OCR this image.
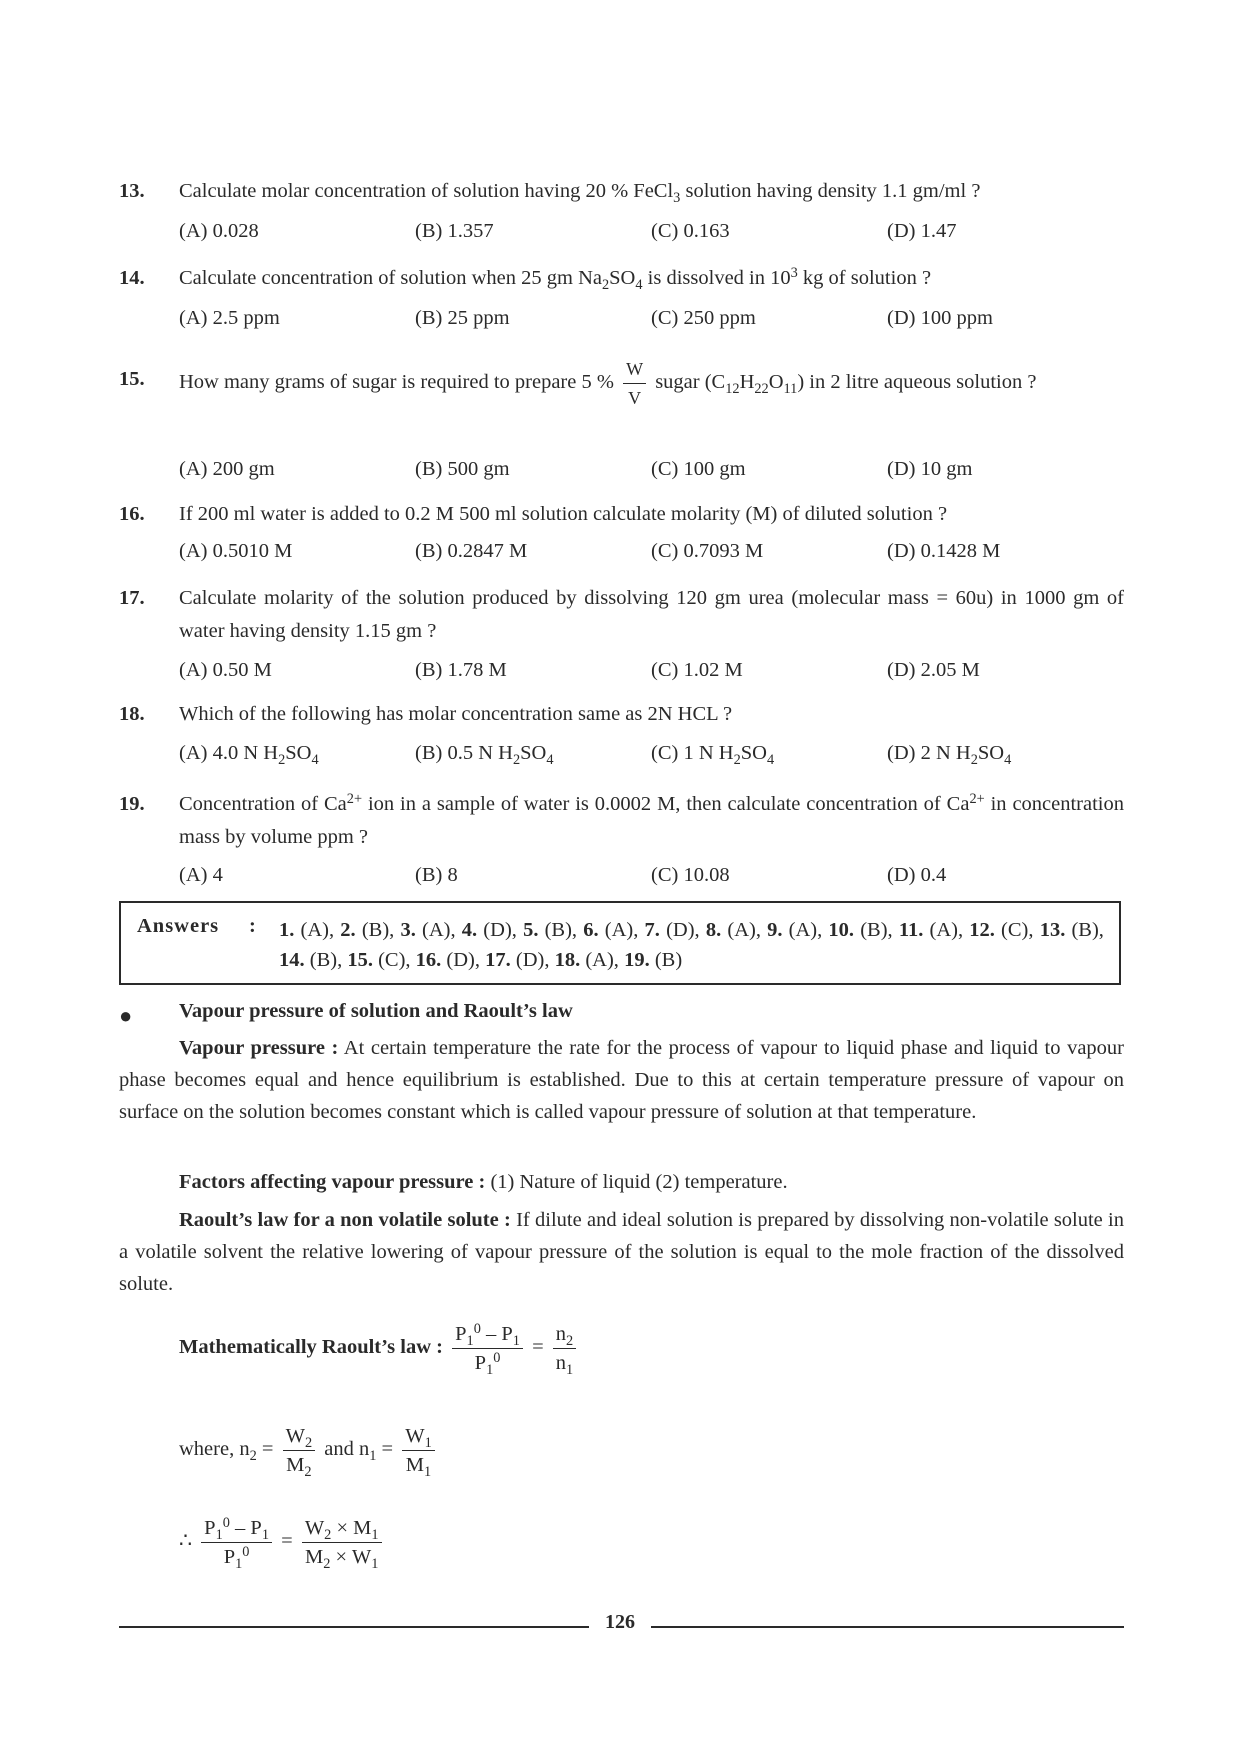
13. Calculate molar concentration of solution having 20 % FeCl$_3$ solution having density 1.1 gm/ml ?
(A) 0.028	(B) 1.357	(C) 0.163	(D) 1.47
14. Calculate concentration of solution when 25 gm $Na_2SO_4$ is dissolved in $10^3$ kg of solution ?
(A) 2.5 ppm	(B) 25 ppm	(C) 250 ppm	(D) 100 ppm
15. How many grams of sugar is required to prepare 5 % $\frac{W}{V}$ sugar $(C_{12}H_{22}O_{11})$ in 2 litre aqueous solution ?
(A) 200 gm	(B) 500 gm	(C) 100 gm	(D) 10 gm
16. If 200 ml water is added to 0.2 M 500 ml solution calculate molarity (M) of diluted solution ?
(A) 0.5010 M	(B) 0.2847 M	(C) 0.7093 M	(D) 0.1428 M
17. Calculate molarity of the solution produced by dissolving 120 gm urea (molecular mass = 60u) in 1000 gm of water having density 1.15 gm ?
(A) 0.50 M	(B) 1.78 M	(C) 1.02 M	(D) 2.05 M
18. Which of the following has molar concentration same as 2N HCL ?
(A) 4.0 N $H_2SO_4$	(B) 0.5 N $H_2SO_4$	(C) 1 N $H_2SO_4$	(D) 2 N $H_2SO_4$
19. Concentration of $Ca^{2+}$ ion in a sample of water is 0.0002 M, then calculate concentration of $Ca^{2+}$ in concentration mass by volume ppm ?
(A) 4	(B) 8	(C) 10.08	(D) 0.4
Answers : 1. (A), 2. (B), 3. (A), 4. (D), 5. (B), 6. (A), 7. (D), 8. (A), 9. (A), 10. (B), 11. (A), 12. (C), 13. (B), 14. (B), 15. (C), 16. (D), 17. (D), 18. (A), 19. (B)
● Vapour pressure of solution and Raoult’s law
Vapour pressure : At certain temperature the rate for the process of vapour to liquid phase and liquid to vapour phase becomes equal and hence equilibrium is established. Due to this at certain temperature pressure of vapour on surface on the solution becomes constant which is called vapour pressure of solution at that temperature.
Factors affecting vapour pressure : (1) Nature of liquid (2) temperature.
Raoult’s law for a non volatile solute : If dilute and ideal solution is prepared by dissolving non-volatile solute in a volatile solvent the relative lowering of vapour pressure of the solution is equal to the mole fraction of the dissolved solute.
Mathematically Raoult’s law : $\frac{P_1^0 - P_1}{P_1^0} = \frac{n_2}{n_1}$
where, $n_2 = \frac{W_2}{M_2}$ and $n_1 = \frac{W_1}{M_1}$
∴ $\frac{P_1^0 - P_1}{P_1^0} = \frac{W_2 \times M_1}{M_2 \times W_1}$
126
